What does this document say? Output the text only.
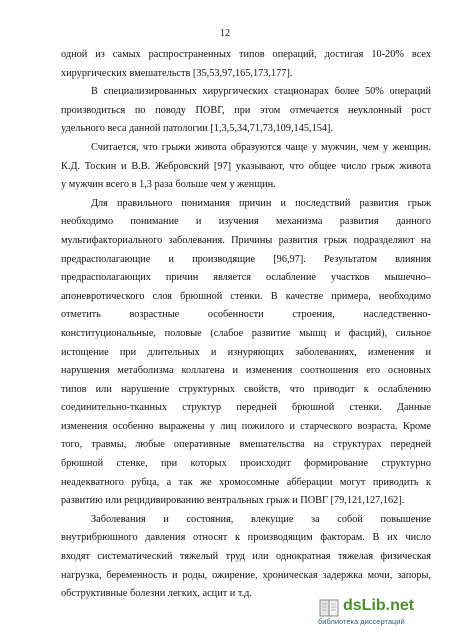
12

одной из самых распространенных типов операций, достигая 10-20% всех
хирургических вмешательств [35,53,97,165,173,177].

В специализированных хирургических стационарах более 50% операций
производиться по поводу ПОВГ, при этом отмечается неуклонный рост
удельного веса данной патологии [1,3,5,34,71,73,109,145,154].

Считается, что грыжи живота образуются чаще у мужчин, чем у женщин.
К.Д. Тоскин и В.В. Жебровский [97] указывают, что общее число грыж живота
у мужчин всего в 1,3 раза больше чем у женщин.

Для правильного понимания причин и последствий развития грыж
необходимо понимание и изучения механизма развития данного
мультифакториального заболевания. Причины развития грыж подразделяют на
предрасполагающие и производящие [96,97]. Результатом влияния
предрасполагающих причин является ослабление участков мышечно–
апоневротического слоя брюшной стенки. В качестве примера, необходимо
отметить возрастные особенности строения, наследственно-
конституциональные, половые (слабое развитие мышц и фасций), сильное
истощение при длительных и изнуряющих заболеваниях, изменения и
нарушения метаболизма коллагена и изменения соотношения его основных
типов или нарушение структурных свойств, что приводит к ослаблению
соединительно-тканных структур передней брюшной стенки. Данные
изменения особенно выражены у лиц пожилого и старческого возраста. Кроме
того, травмы, любые оперативные вмешательства на структурах передней
брюшной стенке, при которых происходит формирование структурно
неадекватного рубца, а так же хромосомные абберации могут приводить к
развитию или рецидивированию вентральных грыж и ПОВГ [79,121,127,162].

Заболевания и состояния, влекущие за собой повышение
внутрибрюшного давления относят к производящим факторам. В их число
входят систематический тяжелый труд или однократная тяжелая физическая
нагрузка, беременность и роды, ожирение, хроническая задержка мочи, запоры,
обструктивные болезни легких, асцит и т.д.

dsLib.net
библиотека диссертаций
